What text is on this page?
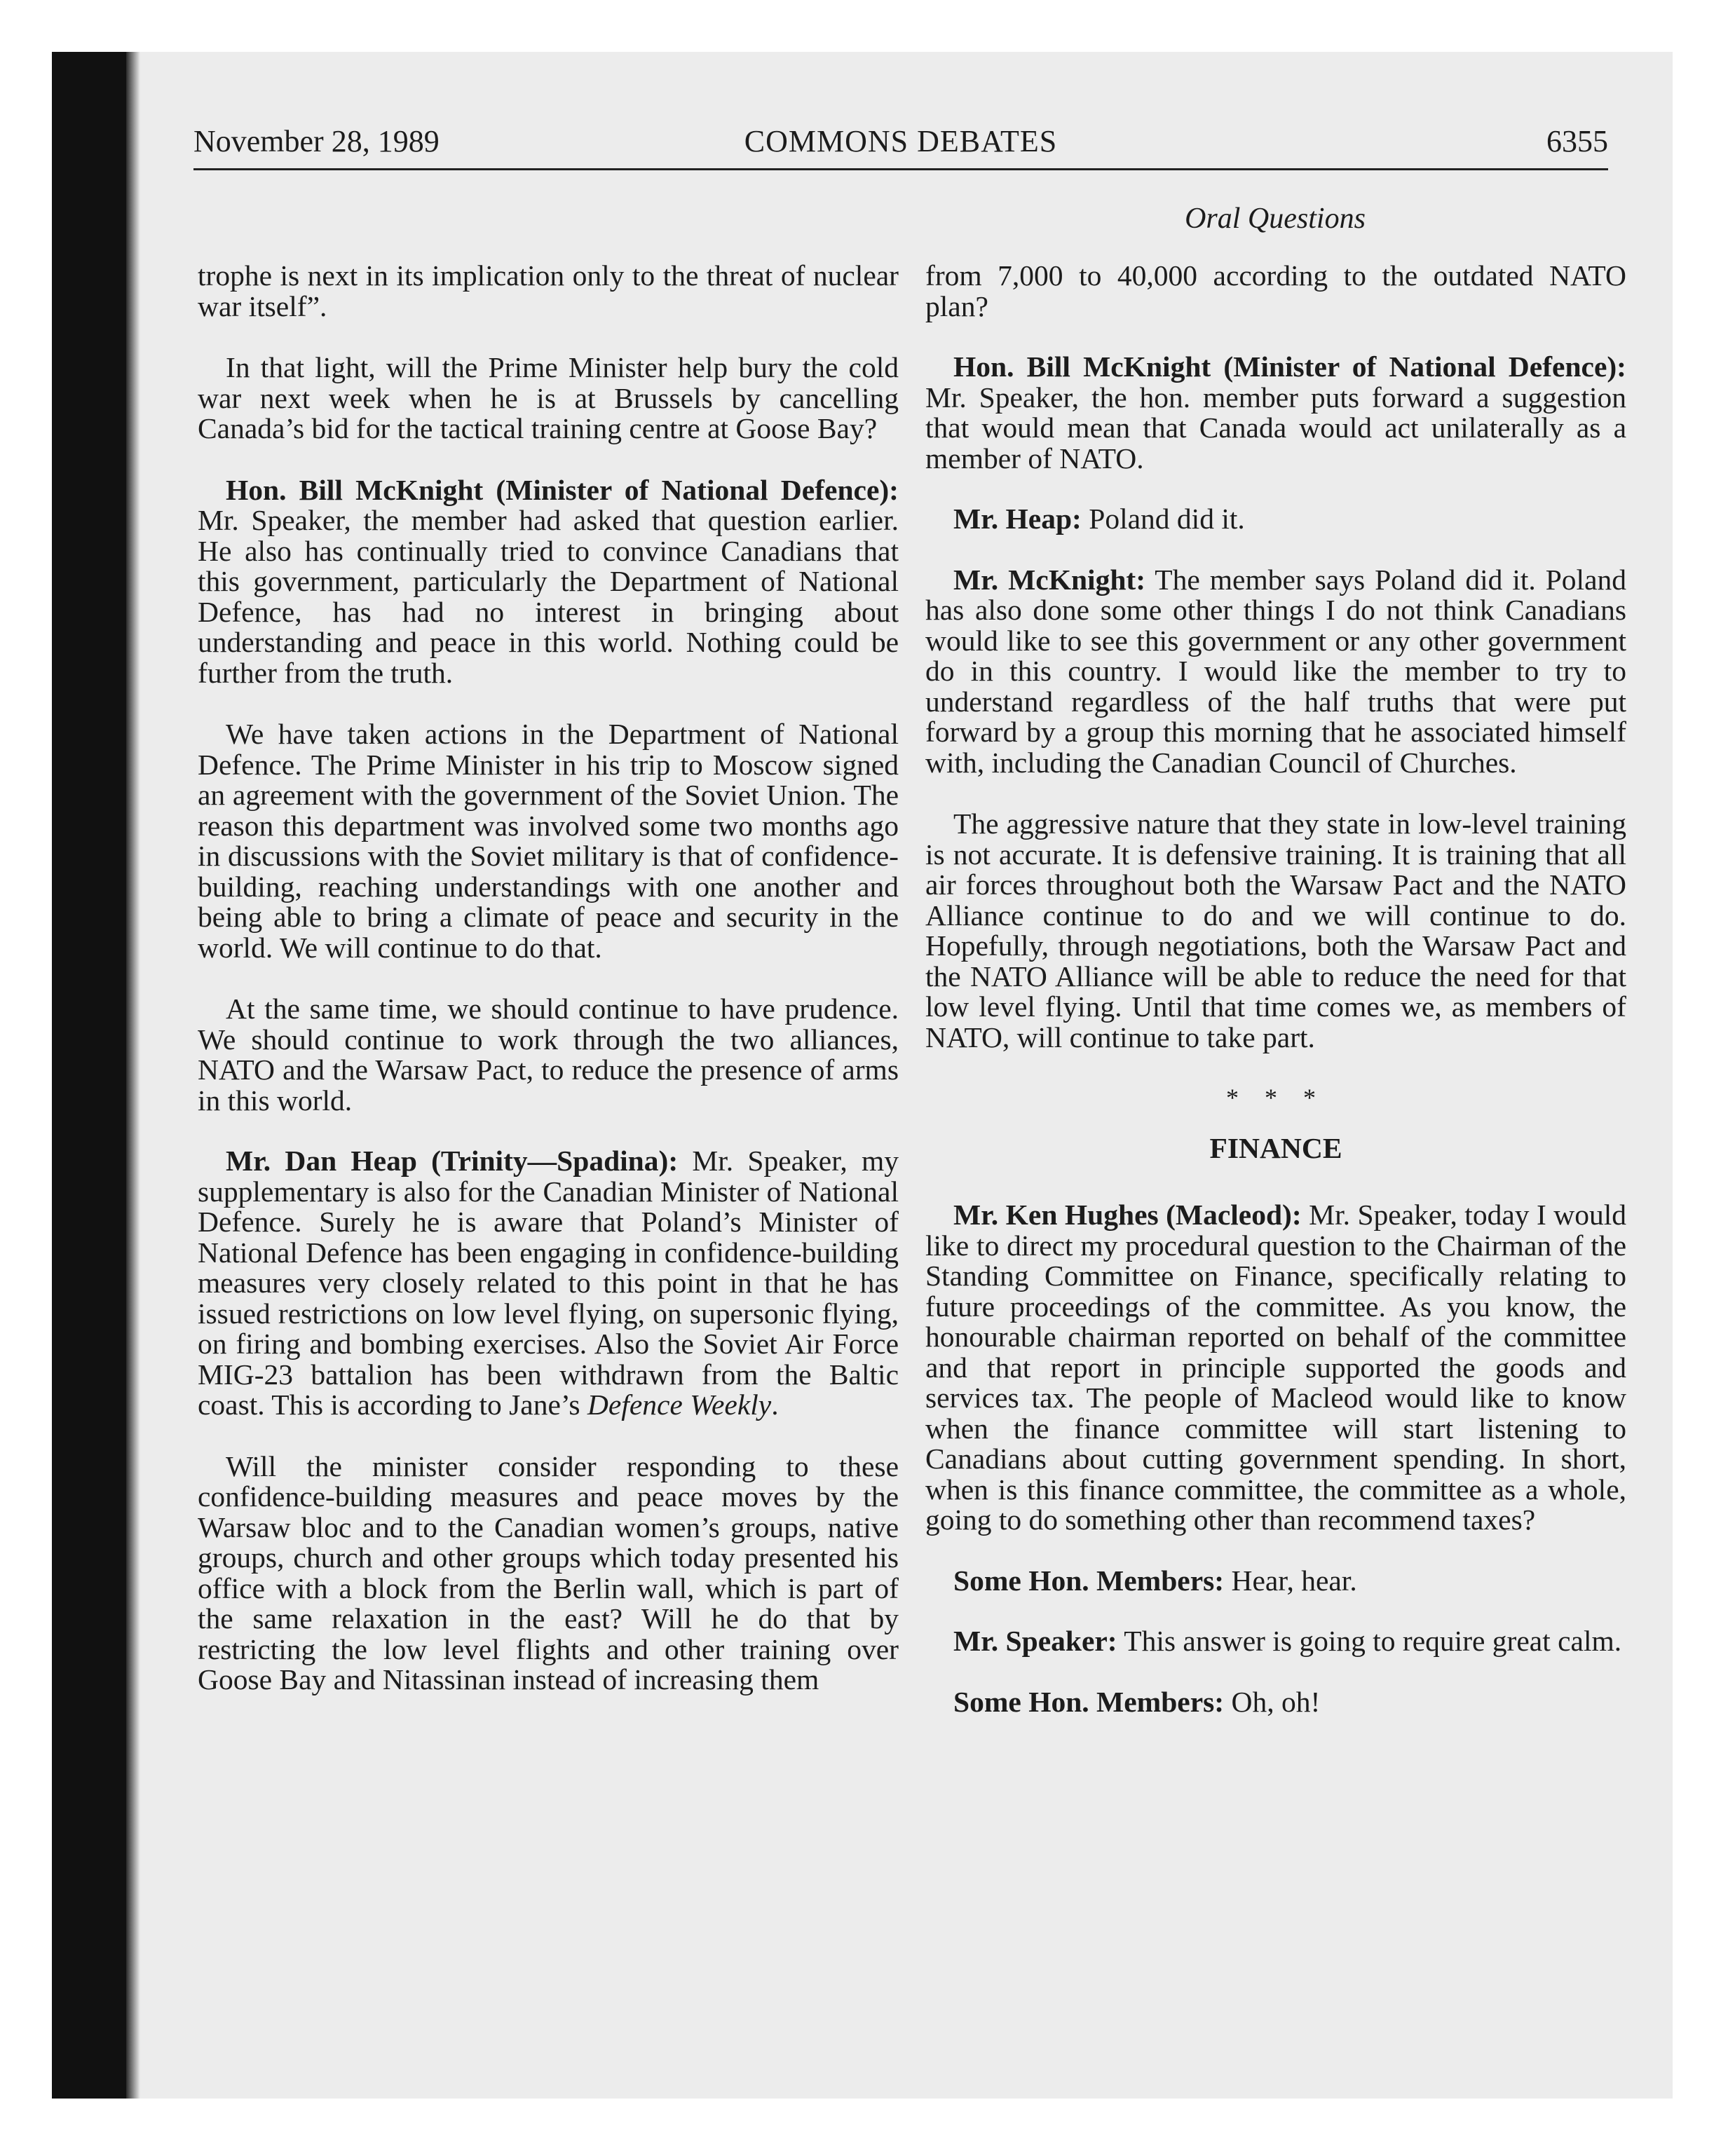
November 28, 1989	COMMONS DEBATES	6355
Oral Questions

trophe is next in its implication only to the threat of nuclear war itself”.

In that light, will the Prime Minister help bury the cold war next week when he is at Brussels by cancelling Canada’s bid for the tactical training centre at Goose Bay?

Hon. Bill McKnight (Minister of National Defence): Mr. Speaker, the member had asked that question earlier. He also has continually tried to convince Canadians that this government, particularly the Department of National Defence, has had no interest in bringing about understanding and peace in this world. Nothing could be further from the truth.

We have taken actions in the Department of National Defence. The Prime Minister in his trip to Moscow signed an agreement with the government of the Soviet Union. The reason this department was involved some two months ago in discussions with the Soviet military is that of confidence-building, reaching understandings with one another and being able to bring a climate of peace and security in the world. We will continue to do that.

At the same time, we should continue to have prudence. We should continue to work through the two alliances, NATO and the Warsaw Pact, to reduce the presence of arms in this world.

Mr. Dan Heap (Trinity—Spadina): Mr. Speaker, my supplementary is also for the Canadian Minister of National Defence. Surely he is aware that Poland’s Minister of National Defence has been engaging in confidence-building measures very closely related to this point in that he has issued restrictions on low level flying, on supersonic flying, on firing and bombing exercises. Also the Soviet Air Force MIG-23 battalion has been withdrawn from the Baltic coast. This is according to Jane’s Defence Weekly.

Will the minister consider responding to these confidence-building measures and peace moves by the Warsaw bloc and to the Canadian women’s groups, native groups, church and other groups which today presented his office with a block from the Berlin wall, which is part of the same relaxation in the east? Will he do that by restricting the low level flights and other training over Goose Bay and Nitassinan instead of increasing them

from 7,000 to 40,000 according to the outdated NATO plan?

Hon. Bill McKnight (Minister of National Defence): Mr. Speaker, the hon. member puts forward a suggestion that would mean that Canada would act unilaterally as a member of NATO.

Mr. Heap: Poland did it.

Mr. McKnight: The member says Poland did it. Poland has also done some other things I do not think Canadians would like to see this government or any other government do in this country. I would like the member to try to understand regardless of the half truths that were put forward by a group this morning that he associated himself with, including the Canadian Council of Churches.

The aggressive nature that they state in low-level training is not accurate. It is defensive training. It is training that all air forces throughout both the Warsaw Pact and the NATO Alliance continue to do and we will continue to do. Hopefully, through negotiations, both the Warsaw Pact and the NATO Alliance will be able to reduce the need for that low level flying. Until that time comes we, as members of NATO, will continue to take part.

* * *
FINANCE

Mr. Ken Hughes (Macleod): Mr. Speaker, today I would like to direct my procedural question to the Chairman of the Standing Committee on Finance, specifically relating to future proceedings of the committee. As you know, the honourable chairman reported on behalf of the committee and that report in principle supported the goods and services tax. The people of Macleod would like to know when the finance committee will start listening to Canadians about cutting government spending. In short, when is this finance committee, the committee as a whole, going to do something other than recommend taxes?

Some Hon. Members: Hear, hear.

Mr. Speaker: This answer is going to require great calm.

Some Hon. Members: Oh, oh!
